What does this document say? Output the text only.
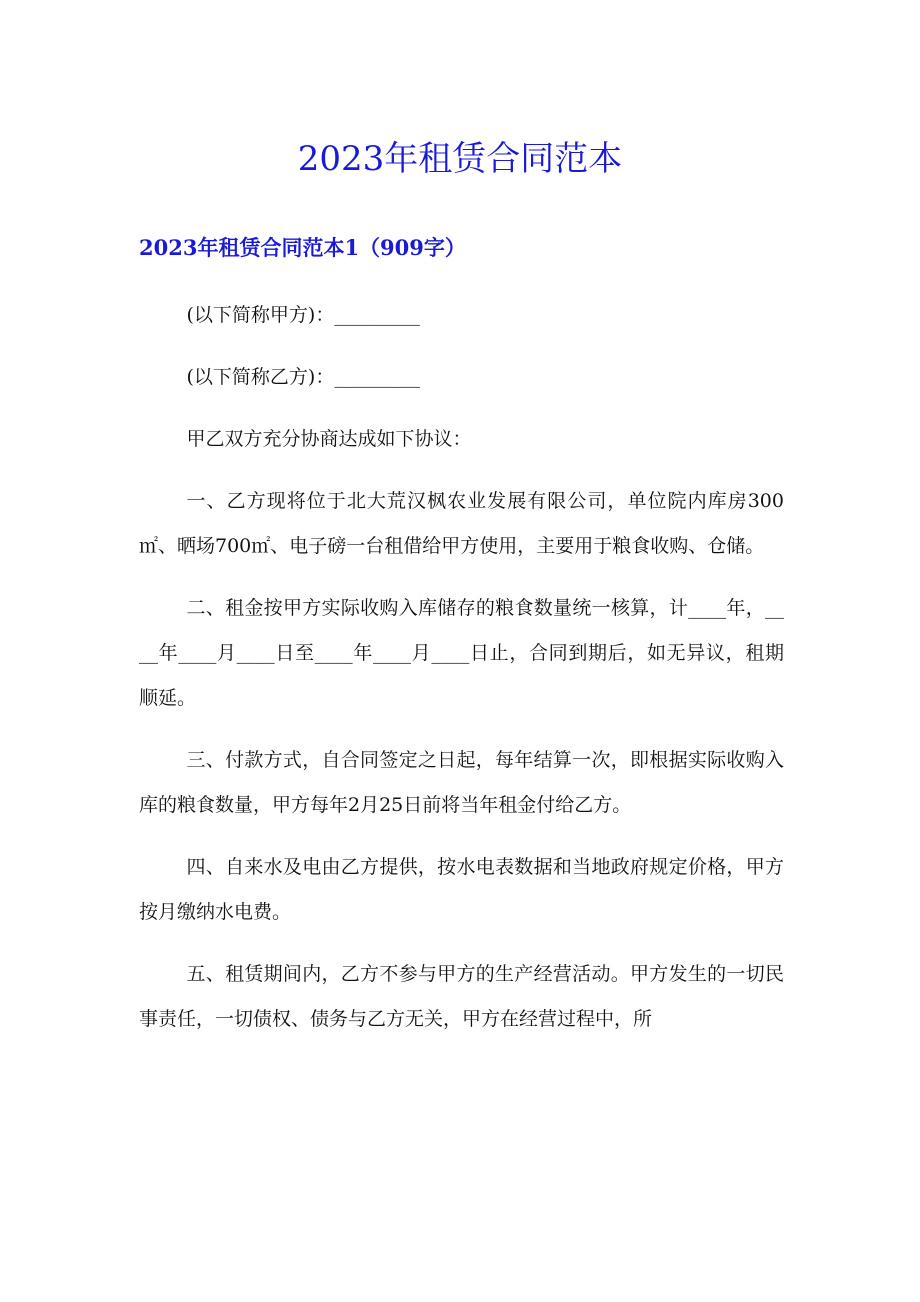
2023年租赁合同范本
2023年租赁合同范本1（909字）

(以下简称甲方)：_________

(以下简称乙方)：_________

甲乙双方充分协商达成如下协议：

一、乙方现将位于北大荒汉枫农业发展有限公司，单位院内库房300㎡、晒场700㎡、电子磅一台租借给甲方使用，主要用于粮食收购、仓储。

二、租金按甲方实际收购入库储存的粮食数量统一核算，计____年，____年____月____日至____年____月____日止，合同到期后，如无异议，租期顺延。

三、付款方式，自合同签定之日起，每年结算一次，即根据实际收购入库的粮食数量，甲方每年2月25日前将当年租金付给乙方。

四、自来水及电由乙方提供，按水电表数据和当地政府规定价格，甲方按月缴纳水电费。

五、租赁期间内，乙方不参与甲方的生产经营活动。甲方发生的一切民事责任，一切债权、债务与乙方无关，甲方在经营过程中，所
